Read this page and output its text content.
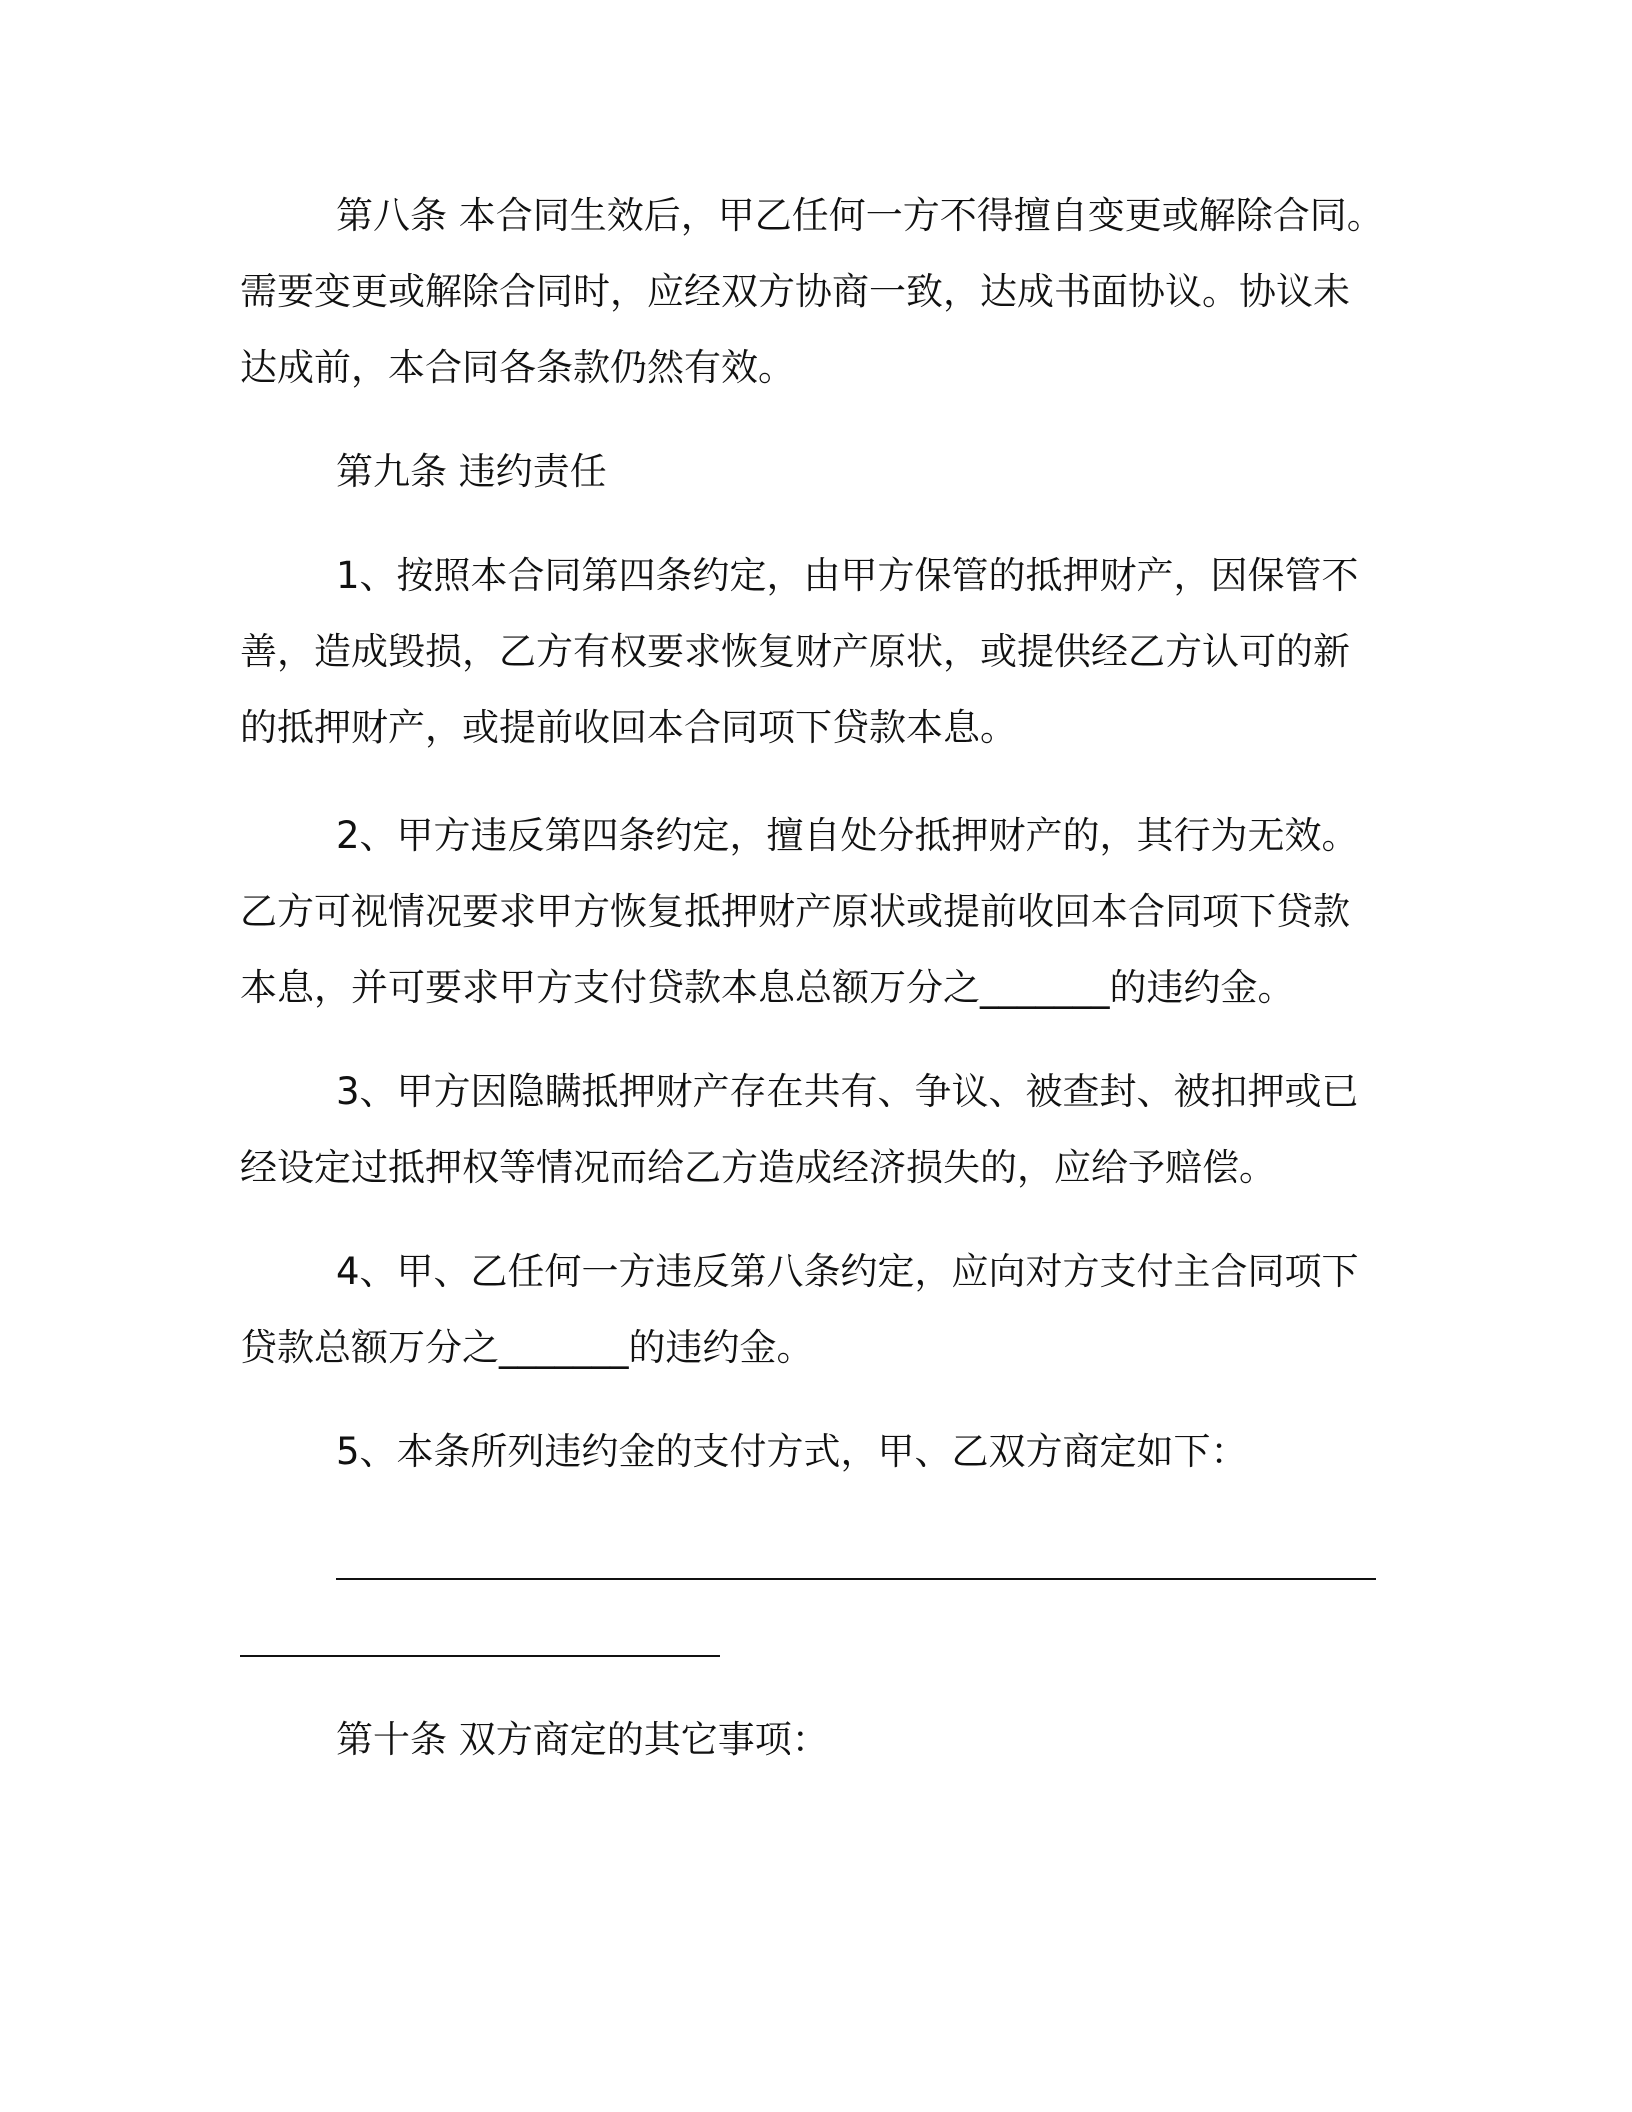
第八条 本合同生效后，甲乙任何一方不得擅自变更或解除合同。
需要变更或解除合同时，应经双方协商一致，达成书面协议。协议未
达成前，本合同各条款仍然有效。
第九条 违约责任
1、按照本合同第四条约定，由甲方保管的抵押财产，因保管不
善，造成毁损，乙方有权要求恢复财产原状，或提供经乙方认可的新
的抵押财产，或提前收回本合同项下贷款本息。
2、甲方违反第四条约定，擅自处分抵押财产的，其行为无效。
乙方可视情况要求甲方恢复抵押财产原状或提前收回本合同项下贷款
本息，并可要求甲方支付贷款本息总额万分之_______的违约金。
3、甲方因隐瞒抵押财产存在共有、争议、被查封、被扣押或已
经设定过抵押权等情况而给乙方造成经济损失的，应给予赔偿。
4、甲、乙任何一方违反第八条约定，应向对方支付主合同项下
贷款总额万分之_______的违约金。
5、本条所列违约金的支付方式，甲、乙双方商定如下：
第十条 双方商定的其它事项：
